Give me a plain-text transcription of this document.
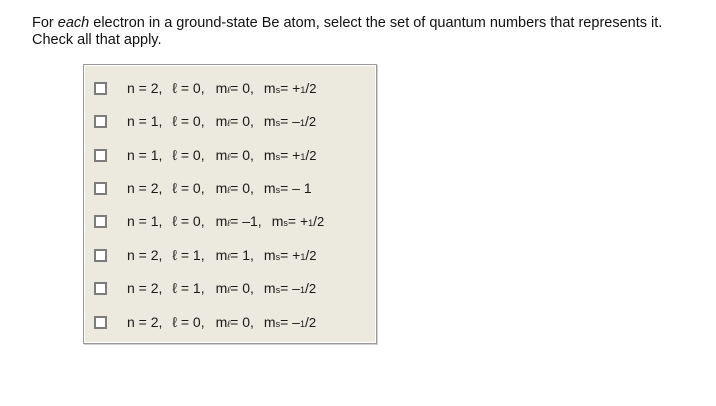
For each electron in a ground-state Be atom, select the set of quantum numbers that represents it. Check all that apply.
n = 2, ℓ = 0, m ℓ = 0, m s = + 1 / 2
n = 1, ℓ = 0, m ℓ = 0, m s = – 1 / 2
n = 1, ℓ = 0, m ℓ = 0, m s = + 1 / 2
n = 2, ℓ = 0, m ℓ = 0, m s = – 1
n = 1, ℓ = 0, m ℓ = –1, m s = + 1 / 2
n = 2, ℓ = 1, m ℓ = 1, m s = + 1 / 2
n = 2, ℓ = 1, m ℓ = 0, m s = – 1 / 2
n = 2, ℓ = 0, m ℓ = 0, m s = – 1 / 2
